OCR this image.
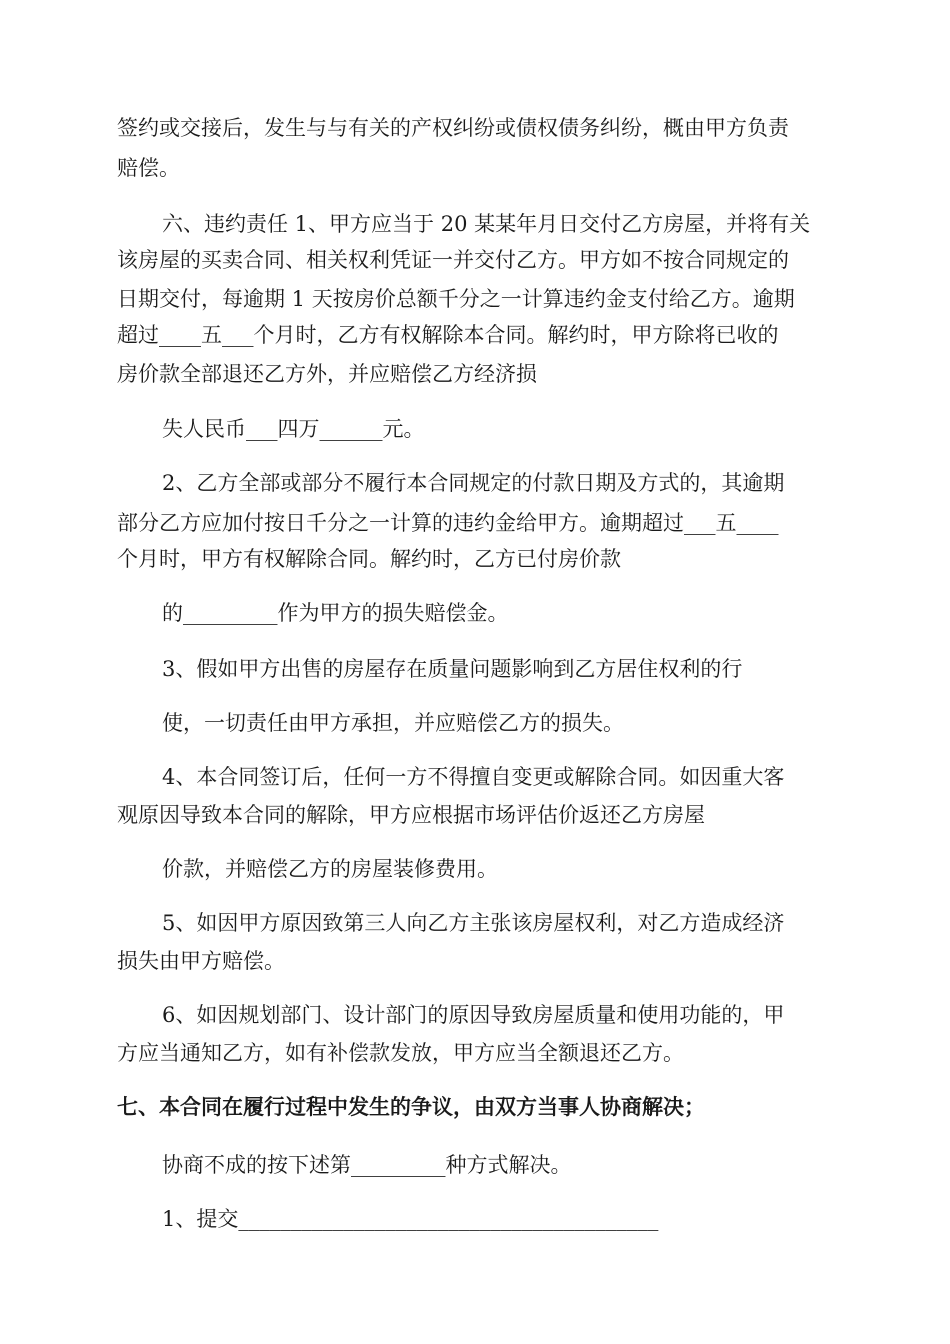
签约或交接后，发生与与有关的产权纠纷或债权债务纠纷，概由甲方负责
赔偿。
六、违约责任 1、甲方应当于 20 某某年月日交付乙方房屋，并将有关
该房屋的买卖合同、相关权利凭证一并交付乙方。甲方如不按合同规定的
日期交付，每逾期 1 天按房价总额千分之一计算违约金支付给乙方。逾期
超过____五___个月时，乙方有权解除本合同。解约时，甲方除将已收的
房价款全部退还乙方外，并应赔偿乙方经济损
失人民币___四万______元。
2、乙方全部或部分不履行本合同规定的付款日期及方式的，其逾期
部分乙方应加付按日千分之一计算的违约金给甲方。逾期超过___五____
个月时，甲方有权解除合同。解约时，乙方已付房价款
的_________作为甲方的损失赔偿金。
3、假如甲方出售的房屋存在质量问题影响到乙方居住权利的行
使，一切责任由甲方承担，并应赔偿乙方的损失。
4、本合同签订后，任何一方不得擅自变更或解除合同。如因重大客
观原因导致本合同的解除，甲方应根据市场评估价返还乙方房屋
价款，并赔偿乙方的房屋装修费用。
5、如因甲方原因致第三人向乙方主张该房屋权利，对乙方造成经济
损失由甲方赔偿。
6、如因规划部门、设计部门的原因导致房屋质量和使用功能的，甲
方应当通知乙方，如有补偿款发放，甲方应当全额退还乙方。
七、本合同在履行过程中发生的争议，由双方当事人协商解决；
协商不成的按下述第_________种方式解决。
1、提交________________________________________
